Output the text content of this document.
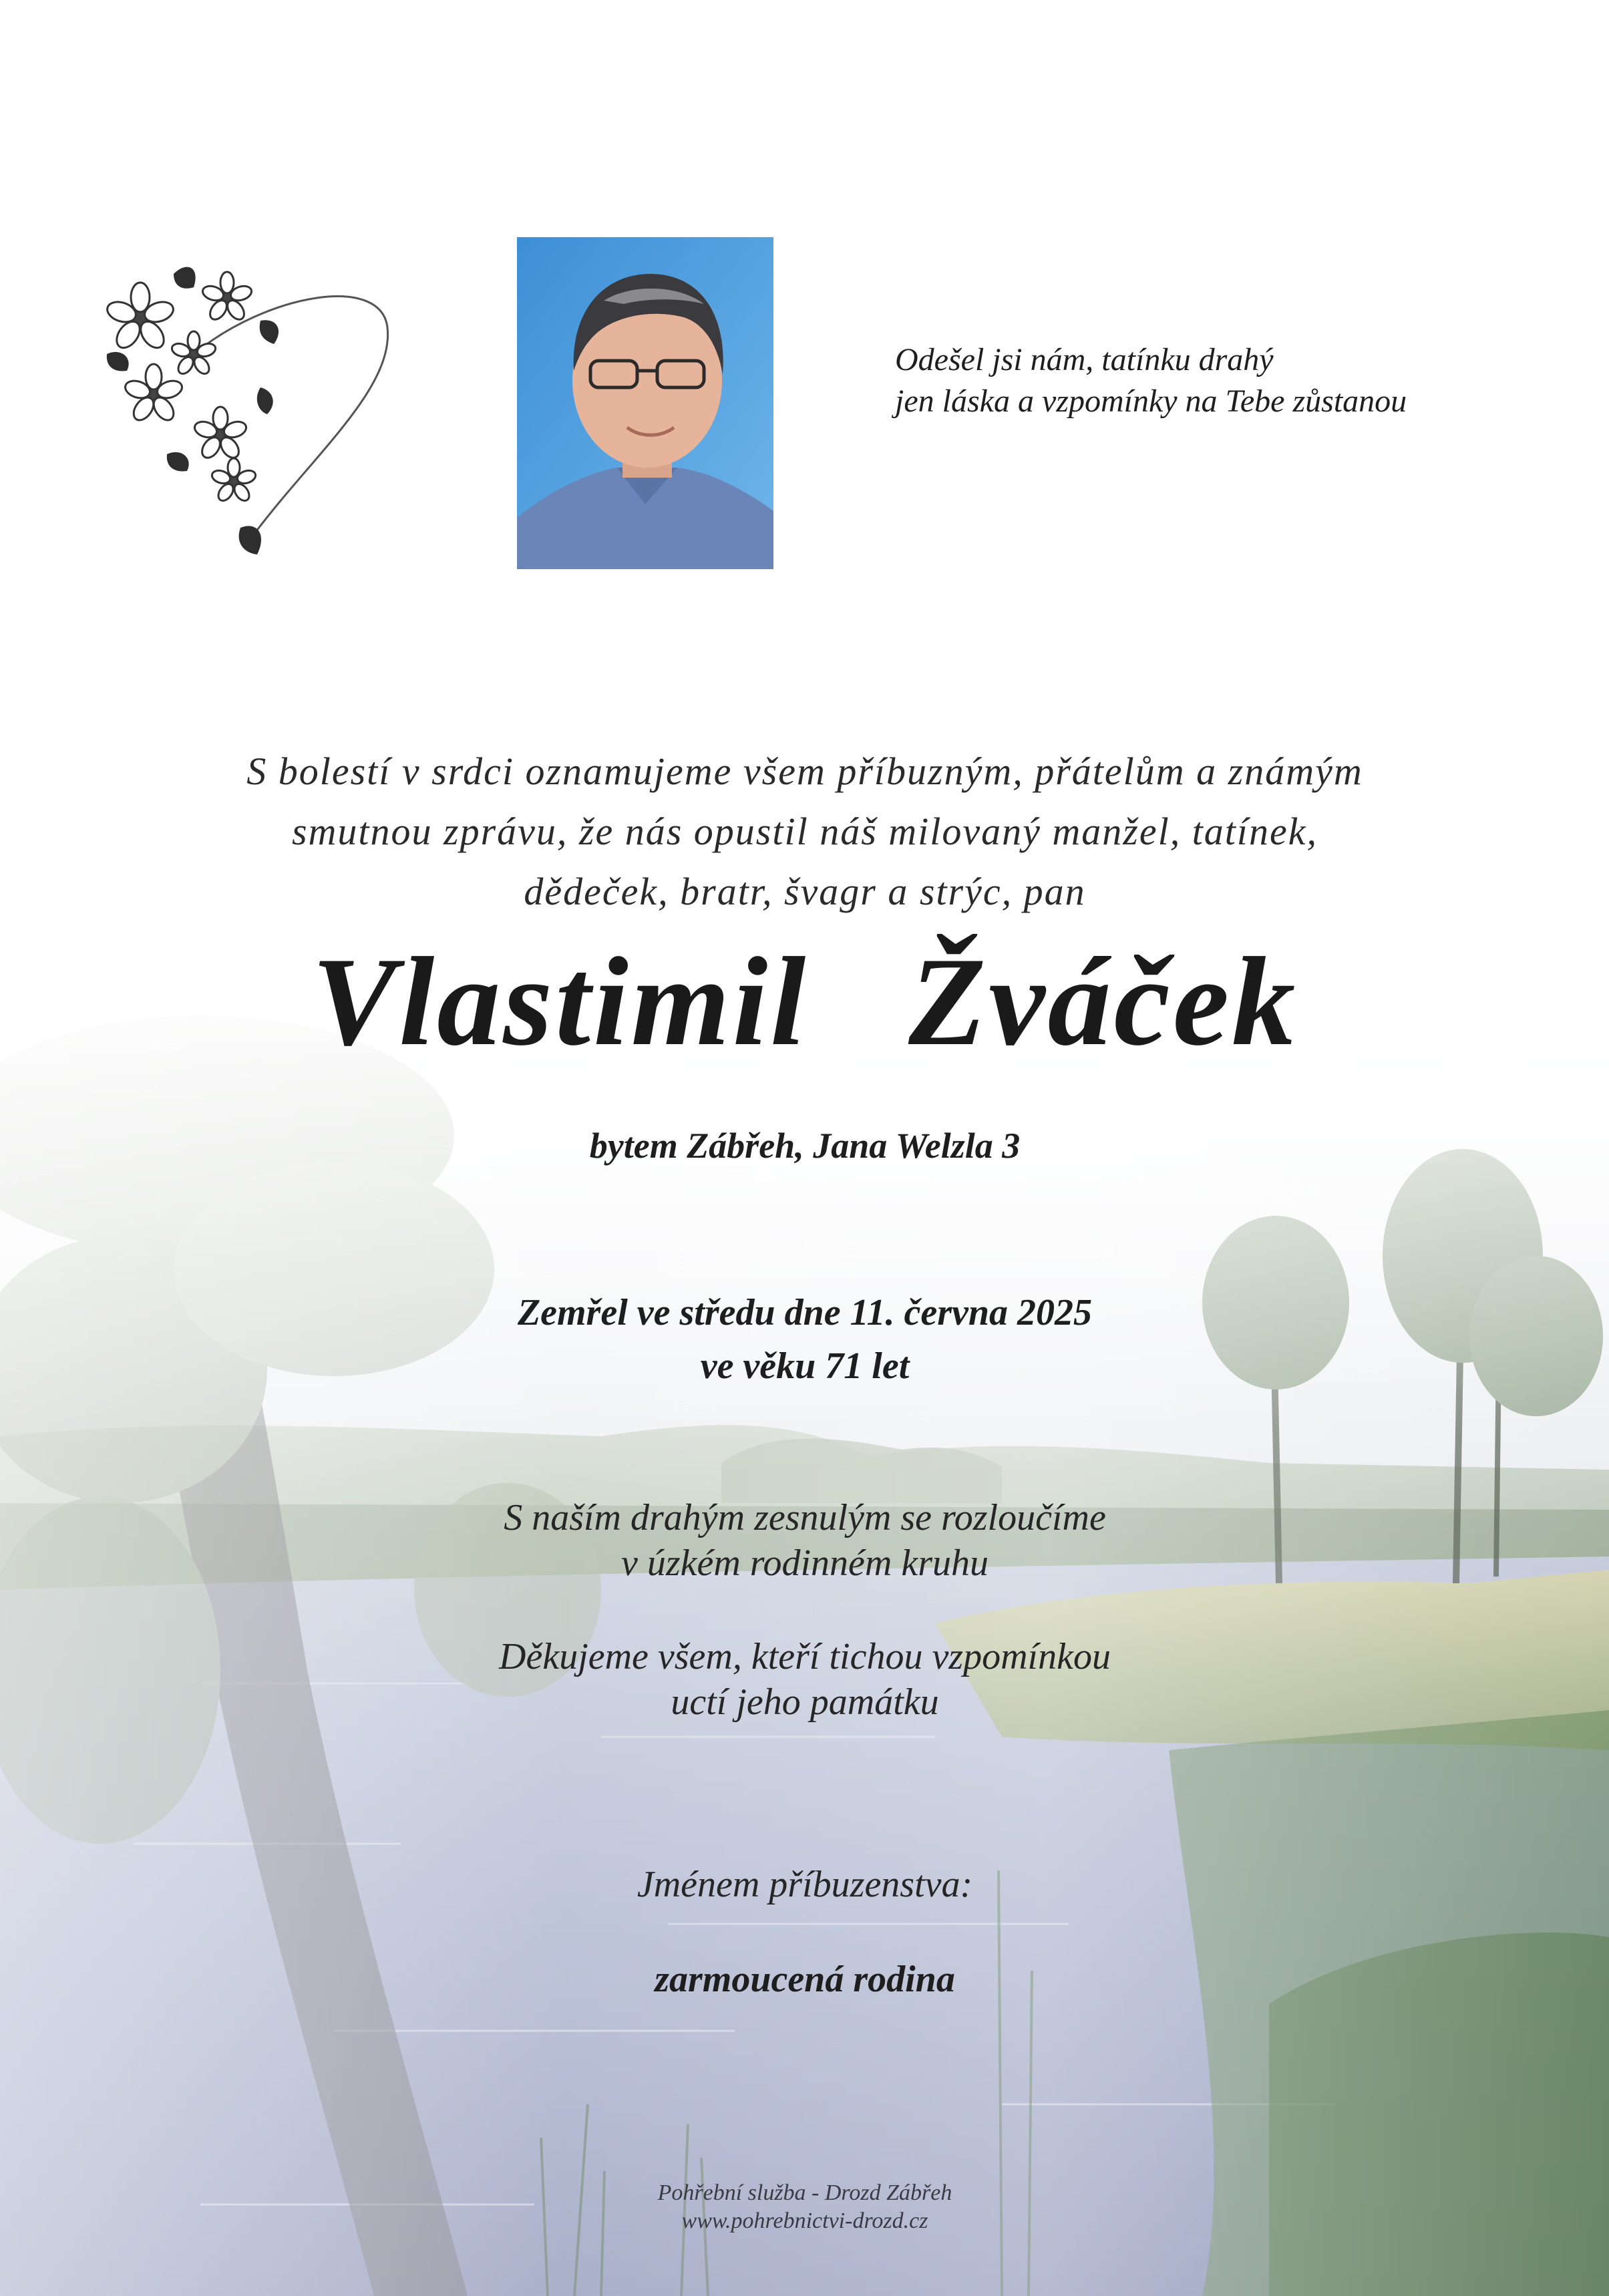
Odešel jsi nám, tatínku drahý
jen láska a vzpomínky na Tebe zůstanou
S bolestí v srdci oznamujeme všem příbuzným, přátelům a známým
smutnou zprávu, že nás opustil náš milovaný manžel, tatínek,
dědeček, bratr, švagr a strýc, pan
Vlastimil Žváček
bytem Zábřeh, Jana Welzla 3
Zemřel ve středu dne 11. června 2025
ve věku 71 let
S naším drahým zesnulým se rozloučíme
v úzkém rodinném kruhu
Děkujeme všem, kteří tichou vzpomínkou
uctí jeho památku
Jménem příbuzenstva:
zarmoucená rodina
Pohřební služba - Drozd Zábřeh
www.pohrebnictvi-drozd.cz
